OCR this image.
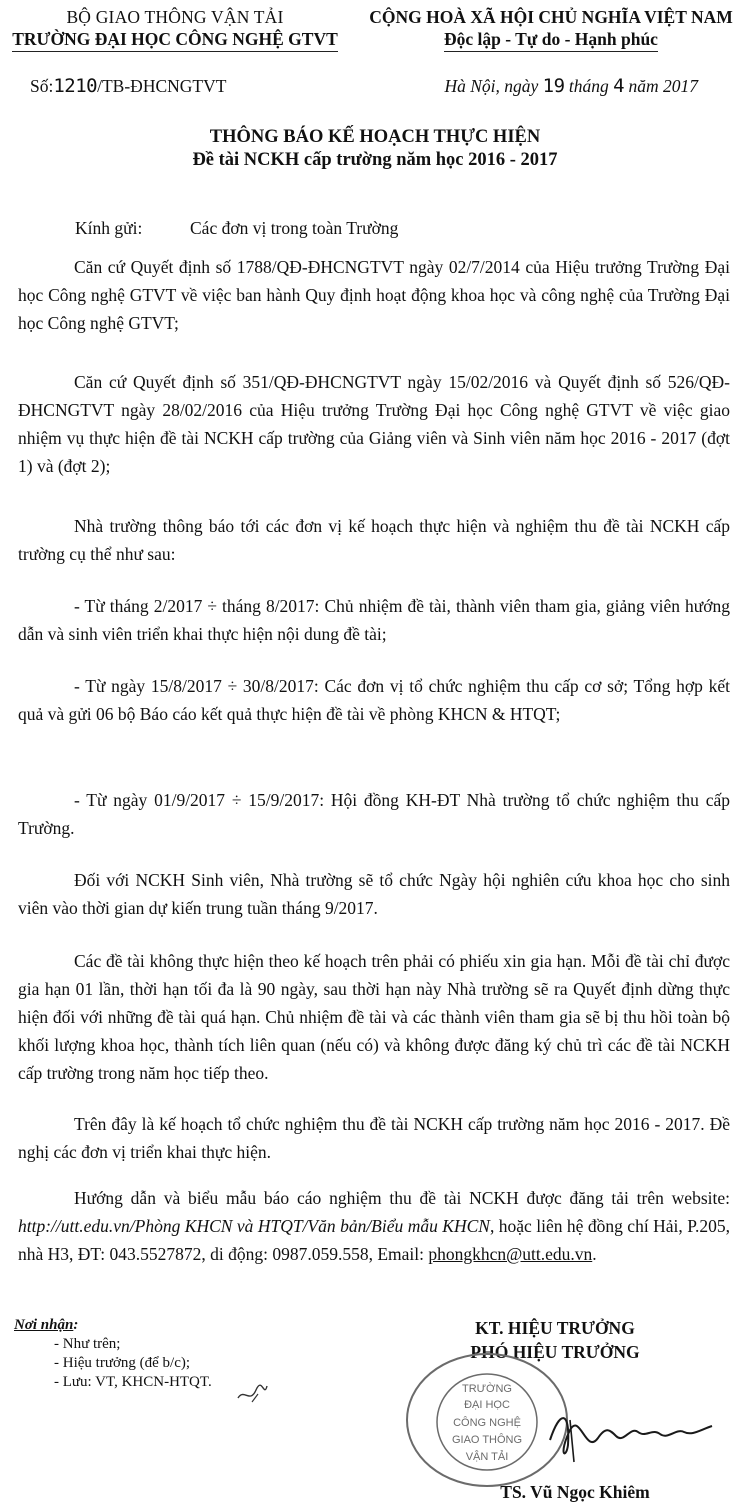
BỘ GIAO THÔNG VẬN TẢI
TRƯỜNG ĐẠI HỌC CÔNG NGHỆ GTVT
CỘNG HOÀ XÃ HỘI CHỦ NGHĨA VIỆT NAM
Độc lập - Tự do - Hạnh phúc
Số:1210/TB-ĐHCNGTVT	Hà Nội, ngày 19 tháng 4 năm 2017
THÔNG BÁO KẾ HOẠCH THỰC HIỆN
Đề tài NCKH cấp trường năm học 2016 - 2017
Kính gửi:	Các đơn vị trong toàn Trường

Căn cứ Quyết định số 1788/QĐ-ĐHCNGTVT ngày 02/7/2014 của Hiệu trưởng Trường Đại học Công nghệ GTVT về việc ban hành Quy định hoạt động khoa học và công nghệ của Trường Đại học Công nghệ GTVT;

Căn cứ Quyết định số 351/QĐ-ĐHCNGTVT ngày 15/02/2016 và Quyết định số 526/QĐ-ĐHCNGTVT ngày 28/02/2016 của Hiệu trưởng Trường Đại học Công nghệ GTVT về việc giao nhiệm vụ thực hiện đề tài NCKH cấp trường của Giảng viên và Sinh viên năm học 2016 - 2017 (đợt 1) và (đợt 2);

Nhà trường thông báo tới các đơn vị kế hoạch thực hiện và nghiệm thu đề tài NCKH cấp trường cụ thể như sau:

- Từ tháng 2/2017 ÷ tháng 8/2017: Chủ nhiệm đề tài, thành viên tham gia, giảng viên hướng dẫn và sinh viên triển khai thực hiện nội dung đề tài;

- Từ ngày 15/8/2017 ÷ 30/8/2017: Các đơn vị tổ chức nghiệm thu cấp cơ sở; Tổng hợp kết quả và gửi 06 bộ Báo cáo kết quả thực hiện đề tài về phòng KHCN & HTQT;

- Từ ngày 01/9/2017 ÷ 15/9/2017: Hội đồng KH-ĐT Nhà trường tổ chức nghiệm thu cấp Trường.

Đối với NCKH Sinh viên, Nhà trường sẽ tổ chức Ngày hội nghiên cứu khoa học cho sinh viên vào thời gian dự kiến trung tuần tháng 9/2017.

Các đề tài không thực hiện theo kế hoạch trên phải có phiếu xin gia hạn. Mỗi đề tài chỉ được gia hạn 01 lần, thời hạn tối đa là 90 ngày, sau thời hạn này Nhà trường sẽ ra Quyết định dừng thực hiện đối với những đề tài quá hạn. Chủ nhiệm đề tài và các thành viên tham gia sẽ bị thu hồi toàn bộ khối lượng khoa học, thành tích liên quan (nếu có) và không được đăng ký chủ trì các đề tài NCKH cấp trường trong năm học tiếp theo.

Trên đây là kế hoạch tổ chức nghiệm thu đề tài NCKH cấp trường năm học 2016 - 2017. Đề nghị các đơn vị triển khai thực hiện.

Hướng dẫn và biểu mẫu báo cáo nghiệm thu đề tài NCKH được đăng tải trên website: http://utt.edu.vn/Phòng KHCN và HTQT/Văn bản/Biểu mẫu KHCN, hoặc liên hệ đồng chí Hải, P.205, nhà H3, ĐT: 043.5527872, di động: 0987.059.558, Email: phongkhcn@utt.edu.vn.

Nơi nhận:
- Như trên;
- Hiệu trưởng (để b/c);
- Lưu: VT, KHCN-HTQT.
KT. HIỆU TRƯỞNG
PHÓ HIỆU TRƯỞNG
TRƯỜNG
ĐẠI HỌC
CÔNG NGHỆ
GIAO THÔNG
VẬN TẢI
TS. Vũ Ngọc Khiêm
